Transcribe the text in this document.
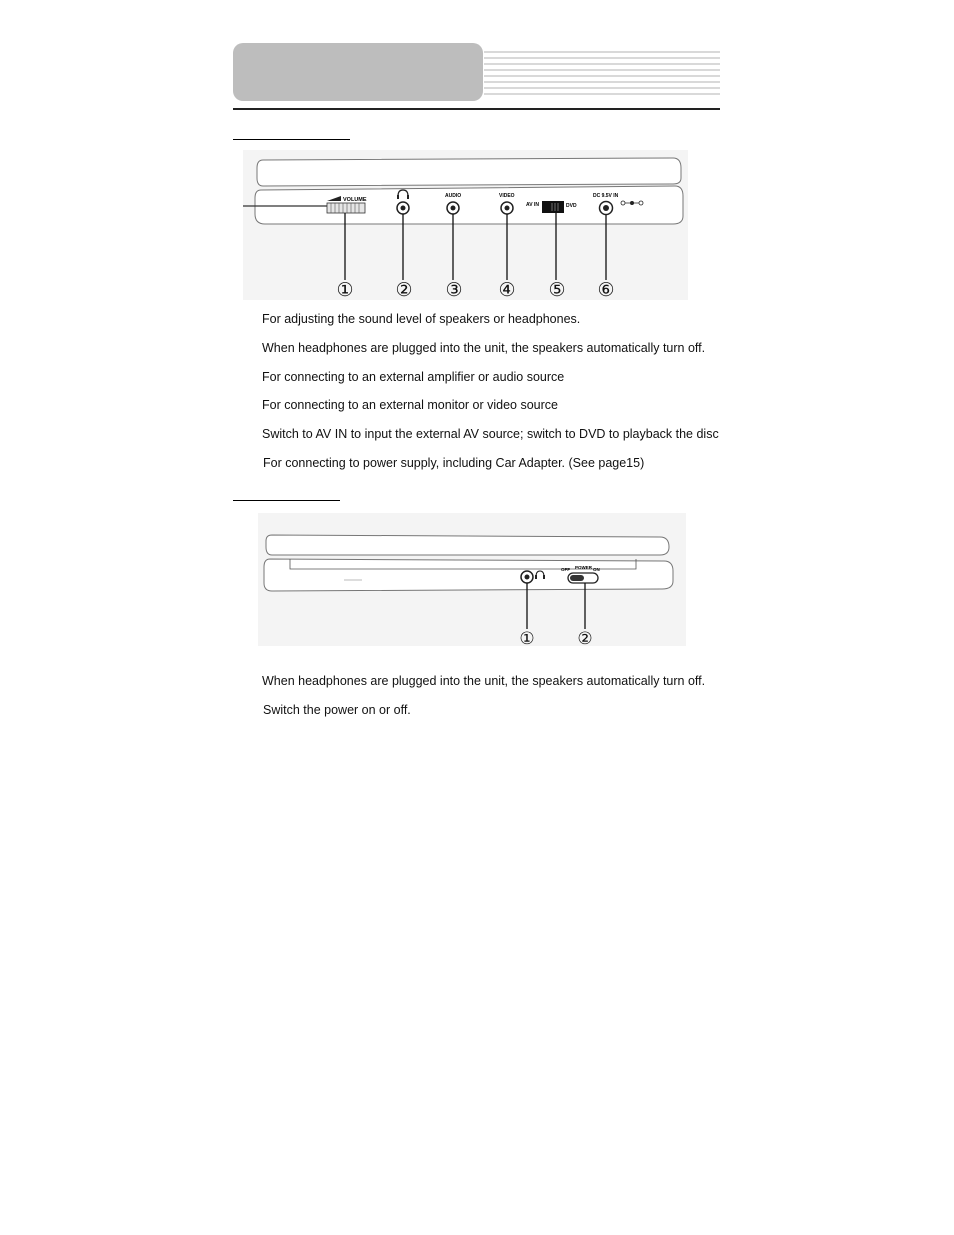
VOLUME
AUDIO	VIDEO
AV IN	DVD
DC 9.5V IN
① ② ③ ④ ⑤ ⑥
For adjusting the sound level of speakers or headphones.
When headphones are plugged into the unit, the speakers automatically turn off.
For connecting to an external amplifier or audio source
For connecting to an external monitor or video source
Switch to AV IN to input the external AV source; switch to DVD to playback the disc
For connecting to power supply, including Car Adapter. (See page15)
OFF POWER ON
①	②
When headphones are plugged into the unit, the speakers automatically turn off.
Switch the power on or off.
